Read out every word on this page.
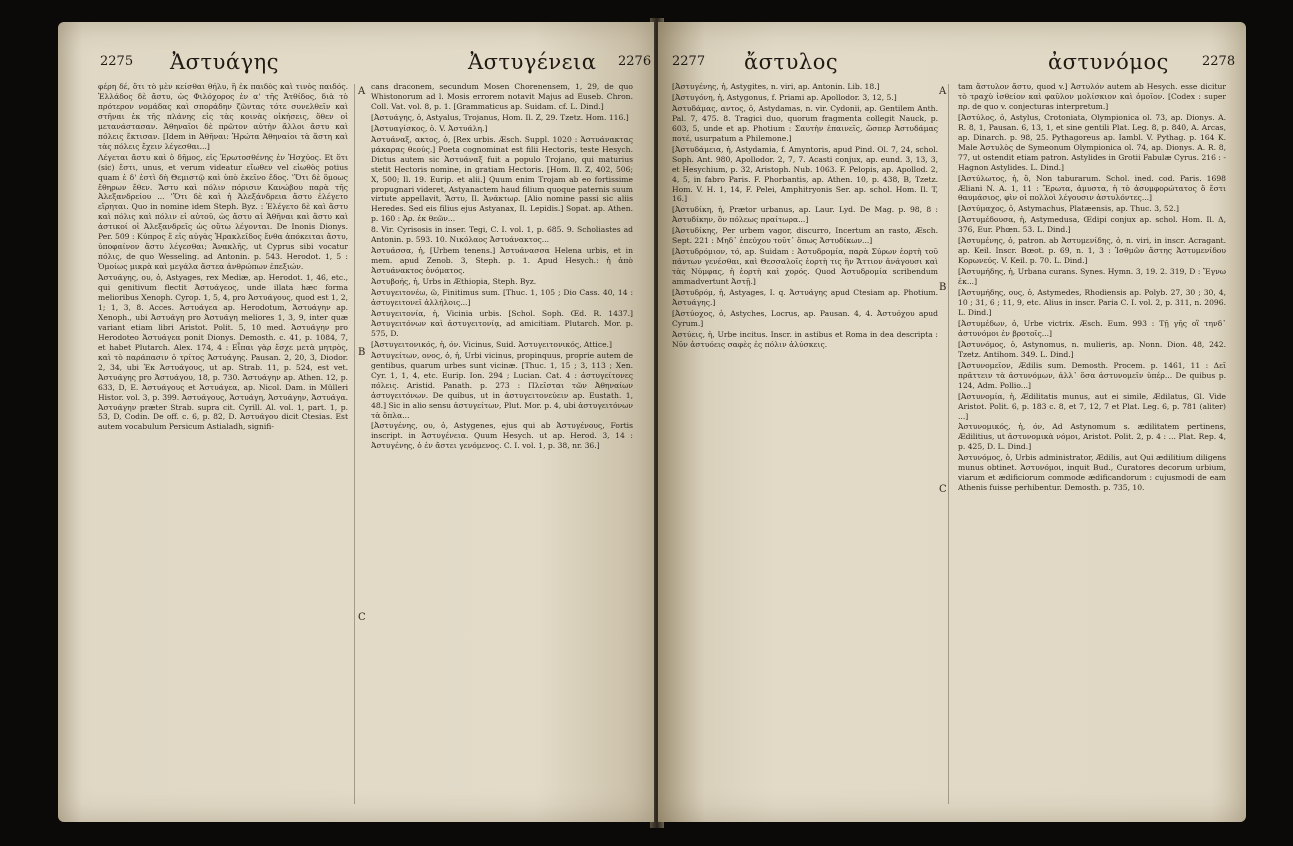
2275 Ἀστυάγης	Ἀστυγένεια 2276

φέρη δέ, ὅτι τὸ μὲν κείσθαι θήλυ, ἢ ἐκ παιδὸς καὶ τινὸς παιδός. Ἐλλάδος δὲ ἄστυ, ὡς Φιλόχορος ἐν α' τῆς Ἀτθίδος, διὰ τὸ πρότερον νομάδας καὶ σποράδην ζῶντας τότε συνελθεῖν καὶ στῆναι ἐκ τῆς πλάνης εἰς τὰς κοινὰς οἰκήσεις, ὅθεν οἱ μετανάστασαν. Ἀθηναῖοι δὲ πρῶτον αὐτὴν ἄλλοι ἄστυ καὶ πόλεις ἔκτισαν. [Idem in Ἀθῆναι: Ἠρώτα Ἀθηναίοι τὰ ἄστη καὶ τὰς πόλεις ἔχειν λέγεσθαι...]

Λέγεται ἄστυ καὶ ὁ δῆμος, εἰς Ἐρωτοσθένης ἐν Ἡσχύος. Et ὅτι (sic) ἔστι, unus, et verum videatur εἴωθεν vel εἰωθὸς potius quam ἐ δ' ἐστὶ δὴ Θεμιστῷ καὶ ὑπὸ ἐκεῖνο ἔδος. ‛Ὅτι δὲ ὅμοως ἔθηρων ἔθεν. Ἄστυ καὶ πόλιν πόρισιν Κανώβου παρὰ τῆς Ἀλεξανδρείου ... ‛Ὅτι δὲ καὶ ἡ Ἀλεξάνδρεια ἄστυ ἐλέγετο εἴρηται. Quo in nomine idem Steph. Byz. : Ἐλέγετο δὲ καὶ ἄστυ καὶ πόλις καὶ πόλιν εἰ αὐτοῦ, ὡς ἄστυ αἱ Ἀθῆναι καὶ ἄστυ καὶ ἀστικοί οἱ Ἀλεξανδρεῖς ὡς οὕτω λέγονται. De Inonis Dionys. Per. 509 : Κύπρος ἔ εἰς αὐγὰς Ἡρακλεῖδος ἔνθα ἀπόκειται ἄστυ, ὑποφαίνον ἄστυ λέγεσθαι; Ἀνακλῆς, ut Cyprus sibi vocatur πόλις, de quo Wesseling. ad Antonin. p. 543. Herodot. 1, 5 : Ὁμοίως μικρὰ καὶ μεγάλα ἄστεα ἀνθρώπων ἐπεξιών.

Ἀστυάγης, ου, ὁ, Astyages, rex Mediæ, ap. Herodot. 1, 46, etc., qui genitivum flectit Ἀστυάγεος, unde illata hæc forma melioribus Xenoph. Cyrop. 1, 5, 4, pro Ἀστυάγους, quod est 1, 2, 1; 1, 3, 8. Acces. Ἀστυάγεα ap. Herodotum, Ἀστυάγην ap. Xenoph., ubi Ἀστυάγη pro Ἀστυάγη meliores 1, 3, 9, inter quæ variant etiam libri Aristot. Polit. 5, 10 med. Ἀστυάγην pro Herodoteo Ἀστυάγεα ponit Dionys. Demosth. c. 41, p. 1084, 7, et habet Plutarch. Alex. 174, 4 : Εἶπαι γὰρ ἔσχε μετὰ μητρὸς, καὶ τὸ παράπασιν ὁ τρίτος Ἀστυάγης. Pausan. 2, 20, 3, Diodor. 2, 34, ubi Ἐκ Ἀστυάγους, ut ap. Strab. 11, p. 524, est vet. Ἀστυάγης pro Ἀστυάγου, 18, p. 730. Ἀστυάγην ap. Athen. 12, p. 633, D, Ε. Ἀστυάγους et Ἀστυάγεα, ap. Nicol. Dam. in Mülleri Histor. vol. 3, p. 399. Ἀστυάγους, Ἀστυάγη, Ἀστυάγην, Ἀστυάγα. Ἀστυάγην præter Strab. supra cit. Cyrill. Al. vol. 1, part. 1, p. 53, D, Codin. De off. c. 6, p. 82, D. Ἀστυάγου dicit Ctesias. Est autem vocabulum Persicum Astialadh, signifi-

A
B
C

cans draconem, secundum Mosen Chorenensem, 1, 29, de quo Whistonorum ad l. Mosis errorem notavit Majus ad Euseb. Chron. Coll. Vat. vol. 8, p. 1. [Grammaticus ap. Suidam. cf. L. Dind.]

[Ἀστυάγης, ὁ, Astyalus, Trojanus, Hom. Il. Ζ, 29. Tzetz. Hom. 116.]

[Ἀστυαγίσκος, ὁ. V. Ἀστυάλη.]

Ἀστυάναξ, ακτος, ὁ, [Rex urbis. Æsch. Suppl. 1020 : Ἀστυάνακτας μάκαρας θεούς.] Poeta cognominat est filii Hectoris, teste Hesych. Dictus autem sic Ἀστυάναξ fuit a populo Trojano, qui maturius stetit Hectoris nomine, in gratiam Hectoris. [Hom. Il. Ζ, 402, 506; Χ, 500; Il. 19. Eurip. et alii.] Quum enim Trojam ab eo fortissime propugnari videret, Astyanactem haud filium quoque paternis suum virtute appellavit, Ἄστυ, Il. Ἀνάκτωρ. [Alio nomine passi sic aliis Heredes. Sed eis filius ejus Astyanax, Il. Lepidis.] Sopat. ap. Athen. p. 160 : Ἀρ. ἐκ θεῶν...

8. Vir. Cyrisosis in inser. Tegi, C. I. vol. 1, p. 685. 9. Scholiastes ad Antonin. p. 593. 10. Νικόλαος Ἀστυάνακτος...

Ἀστυάσσα, ἡ, [Urbem tenens.] Ἀστυάνασσα Helena urbis, et in mem. apud Zenob. 3, Steph. p. 1. Apud Hesych.: ἡ ἀπὸ Ἀστυάνακτος ὀνόματος.

Ἀστυβοής, ἡ, Urbs in Æthiopia, Steph. Byz.

Ἀστυγειτονέω, ῶ, Finitimus sum. [Thuc. 1, 105 ; Dio Cass. 40, 14 : ἀστυγειτονεῖ ἀλλήλοις...]

Ἀστυγειτονία, ἡ, Vicinia urbis. [Schol. Soph. Œd. R. 1437.] Ἀστυγειτόνων καὶ ἀστυγειτονίᾳ, ad amicitiam. Plutarch. Mor. p. 575, D.

[Ἀστυγειτονικός, ἡ, όν. Vicinus, Suid. Ἀστυγειτονικός, Attice.]

Ἀστυγείτων, ονος, ὁ, ἡ, Urbi vicinus, propinquus, proprie autem de gentibus, quarum urbes sunt vicinæ. [Thuc. 1, 15 ; 3, 113 ; Xen. Cyr. 1, 1, 4, etc. Eurip. Ion. 294 ; Lucian. Cat. 4 : ἀστυγείτονες πόλεις. Aristid. Panath. p. 273 : Πλεῖσται τῶν Ἀθηναίων ἀστυγειτόνων. De quibus, ut in ἀστυγειτονεύειν ap. Eustath. 1, 48.] Sic in alio sensu ἀστυγείτων, Plut. Mor. p. 4, ubi ἀστυγειτόνων τὰ ὅπλα...

[Ἀστυγένης, ου, ὁ, Astygenes, ejus qui ab Ἀστυγένους, Fortis inscript. in Ἀστυγένεια. Quum Hesych. ut ap. Herod. 3, 14 : Ἀστυγένης, ὁ ἐν ἄστει γενόμενος. C. I. vol. 1, p. 38, nr. 36.]

2277 ἄστυλος	ἀστυνόμος	2278

[Ἀστυγένης, ἡ, Astygites, n. viri, ap. Antonin. Lib. 18.]

[Ἀστυγόνη, ἡ, Astygonus, f. Priami ap. Apollodor. 3, 12, 5.]

Ἀστυδάμας, αντος, ὁ, Astydamas, n. vir. Cydonii, ap. Gentilem Anth. Pal. 7, 475. 8. Tragici duo, quorum fragmenta collegit Nauck, p. 603, 5, unde et ap. Photium : Σαυτὴν ἐπαινεῖς, ὥσπερ Ἀστυδάμας ποτέ, usurpatum a Philemone.]

[Ἀστυδάμεια, ἡ, Astydamia, f. Amyntoris, apud Pind. Ol. 7, 24, schol. Soph. Ant. 980, Apollodor. 2, 7, 7. Acasti conjux, ap. eund. 3, 13, 3, et Hesychium, p. 32, Aristoph. Nub. 1063. F. Pelopis, ap. Apollod. 2, 4, 5, in fabro Paris. F. Phorbantis, ap. Athen. 10, p. 438, B, Tzetz. Hom. V. H. 1, 14, F. Pelei, Amphitryonis Ser. ap. schol. Hom. Il. T, 16.]

[Ἀστυδίκη, ἡ, Prætor urbanus, ap. Laur. Lyd. De Mag. p. 98, 8 : Ἀστυδίκην, ὃν πόλεως πραίτωρα...]

[Ἀστυδίκης, Per urbem vagor, discurro, Incertum an rasto, Æsch. Sept. 221 : Μηδ᾽ ἐπεύχου τοῦτ᾽ ὅπως Ἀστυδίκων...]

[Ἀστυδρόμιον, τό, ap. Suidam : Ἀστυδρομία, παρὰ Σύρων ἑορτὴ τοῦ πάντων γενέσθαι, καὶ Θεσσαλοῖς ἑορτὴ τις ἣν Ἄττιον ἀνάγουσι καὶ τὰς Νύμφας, ἡ ἑορτὴ καὶ χορός. Quod Ἀστυδρομία scribendum ammadvertunt Ἀστῇ.]

[Ἀστυδρόμ, ἡ, Astyages, I. q. Ἀστυάγης apud Ctesiam ap. Photium. Ἀστυάγης.]

[Ἀστύοχος, ὁ, Astyches, Locrus, ap. Pausan. 4, 4. Ἀστυόχου apud Cyrum.]

Ἀστύεις, ἡ, Urbe incitus. Inscr. in astibus et Roma in dea descripta : Νῦν ἀστυόεις σαφὲς ἐς πόλιν ἀλύσκεις.

A
B
C

tam ἄστυλον ἄστυ, quod v.] Ἀστυλόν autem ab Hesych. esse dicitur τὸ τραχὺ ἰσθείον καὶ φαῦλον μολίσκιον καὶ ὁμοῖον. [Codex : super πρ. de quo v. conjecturas interpretum.]

[Ἀστύλος, ὁ, Astylus, Crotoniata, Olympionica ol. 73, ap. Dionys. A. R. 8, 1, Pausan. 6, 13, 1, et sine gentili Plat. Leg. 8, p. 840, A. Arcas, ap. Dinarch. p. 98, 25. Pythagoreus ap. Iambl. V. Pythag. p. 164 K. Male Ἀστυλὸς de Symeonum Olympionica ol. 74, ap. Dionys. A. R. 8, 77, ut ostendit etiam patron. Astylides in Grotii Fabulæ Cyrus. 216 : -Hagnon Astylides. L. Dind.]

[Ἀστύλωτος, ἡ, ὃ, Non taburarum. Schol. ined. cod. Paris. 1698 Æliani N. A. 1, 11 : Ἔρωτα, ἀμυστα, ἡ τὸ ἀσυμφορώτατος ὅ ἔστι θαυμάσιος, φὶν οἱ πολλοὶ λέγουσιν ἀστυλόντες...]

[Ἀστύμαχος, ὁ, Astymachus, Platæensis, ap. Thuc. 3, 52.]

[Ἀστυμέδουσα, ἡ, Astymedusa, Œdipi conjux ap. schol. Hom. Il. Δ, 376, Eur. Phœn. 53. L. Dind.]

[Ἀστυμένης, ὁ, patron. ab Ἀστυμενίδης, ὁ, n. viri, in inscr. Acragant. ap. Keil. Inscr. Bœot. p. 69, n. 1, 3 : Ἰσθμῶν ἄστης Ἀστυμενίδου Κορωνεύς. V. Keil. p. 70. L. Dind.]

[Ἀστυμήδης, ἡ, Urbana curans. Synes. Hymn. 3, 19. 2. 319, D : Ἔγνω ἐκ...]

[Ἀστυμήδης, ους, ὁ, Astymedes, Rhodiensis ap. Polyb. 27, 30 ; 30, 4, 10 ; 31, 6 ; 11, 9, etc. Alius in inscr. Paria C. I. vol. 2, p. 311, n. 2096. L. Dind.]

[Ἀστυμέδων, ὁ, Urbe victrix. Æsch. Eum. 993 : Τῇ γῆς οἳ τηνδ᾽ ἀστυνόμοι ἐν βροτοῖς...]

[Ἀστυνόμος, ὁ, Astynomus, n. mulieris, ap. Nonn. Dion. 48, 242. Tzetz. Antihom. 349. L. Dind.]

[Ἀστυνομεῖον, Ædilis sum. Demosth. Procem. p. 1461, 11 : Δεῖ πρᾶττειν τὰ ἀστυνόμων, ἀλλ᾽ ὅσα ἀστυνομεῖν ὑπέρ... De quibus p. 124, Adm. Pollio...]

[Ἀστυνομία, ἡ, Ædilitatis munus, aut ei simile, Ædilatus, Gl. Vide Aristot. Polit. 6, p. 183 c. 8, et 7, 12, 7 et Plat. Leg. 6, p. 781 (aliter) ...]

Ἀστυνομικός, ἡ, όν, Ad Astynomum s. ædilitatem pertinens, Ædilitius, ut ἀστυνομικὰ νόμοι, Aristot. Polit. 2, p. 4 : ... Plat. Rep. 4, p. 425, D. L. Dind.]

Ἀστυνόμος, ὁ, Urbis administrator, Ædilis, aut Qui ædilitium diligens munus obtinet. Ἀστυνόμοι, inquit Bud., Curatores decorum urbium, viarum et ædificiorum commode ædificandorum : cujusmodi de eam Athenis fuisse perhibentur. Demosth. p. 735, 10.
